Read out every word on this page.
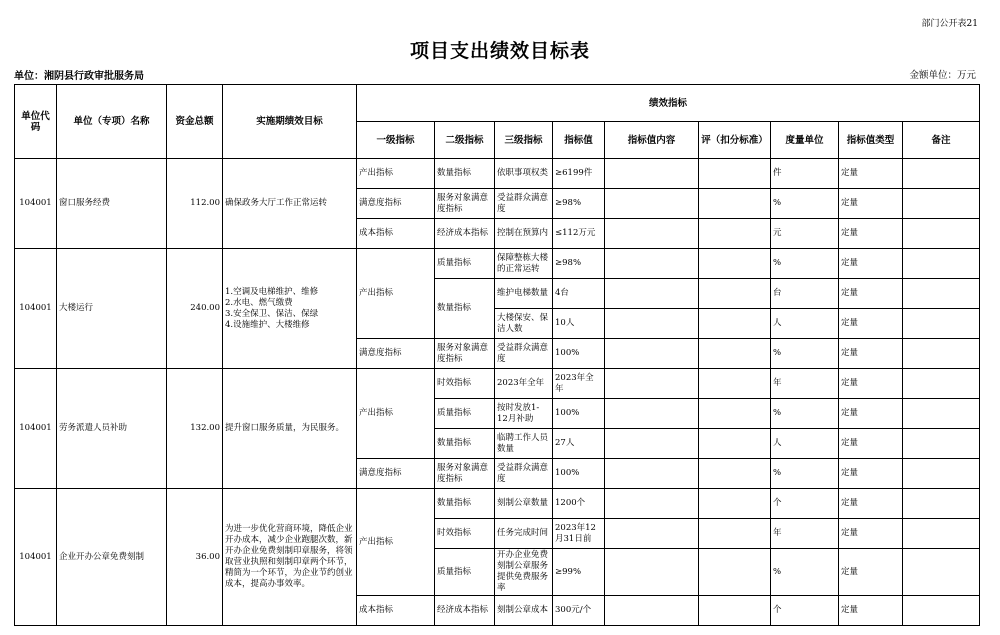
部门公开表21
项目支出绩效目标表
单位：湘阴县行政审批服务局	金额单位：万元
单位代码	单位（专项）名称	资金总额	实施期绩效目标	绩效指标								
				一级指标	二级指标	三级指标	指标值	指标值内容	评（扣分标准）	度量单位	指标值类型	备注
104001	窗口服务经费	112.00	确保政务大厅工作正常运转	产出指标	数量指标	依职事项权类	≥6199件			件	定量	
				满意度指标	服务对象满意度指标	受益群众满意度	≥98%			%	定量	
				成本指标	经济成本指标	控制在预算内	≤112万元			元	定量	
104001	大楼运行	240.00	1.空调及电梯维护、维修
2.水电、燃气缴费
3.安全保卫、保洁、保绿
4.设施维护、大楼维修	产出指标	质量指标	保障整栋大楼的正常运转	≥98%			%	定量	
					数量指标	维护电梯数量	4台			台	定量	
						大楼保安、保洁人数	10人			人	定量	
				满意度指标	服务对象满意度指标	受益群众满意度	100%			%	定量	
104001	劳务派遣人员补助	132.00	提升窗口服务质量，为民服务。	产出指标	时效指标	2023年全年	2023年全年			年	定量	
					质量指标	按时发放1-12月补助	100%			%	定量	
					数量指标	临聘工作人员数量	27人			人	定量	
				满意度指标	服务对象满意度指标	受益群众满意度	100%			%	定量	
104001	企业开办公章免费刻制	36.00	为进一步优化营商环境，降低企业开办成本，减少企业跑腿次数，新开办企业免费刻制印章服务，将领取营业执照和刻制印章两个环节，精简为一个环节，为企业节约创业成本，提高办事效率。	产出指标	数量指标	刻制公章数量	1200个			个	定量	
					时效指标	任务完成时间	2023年12月31日前			年	定量	
					质量指标	开办企业免费刻制公章服务提供免费服务率	≥99%			%	定量	
				成本指标	经济成本指标	刻制公章成本	300元/个			个	定量	
